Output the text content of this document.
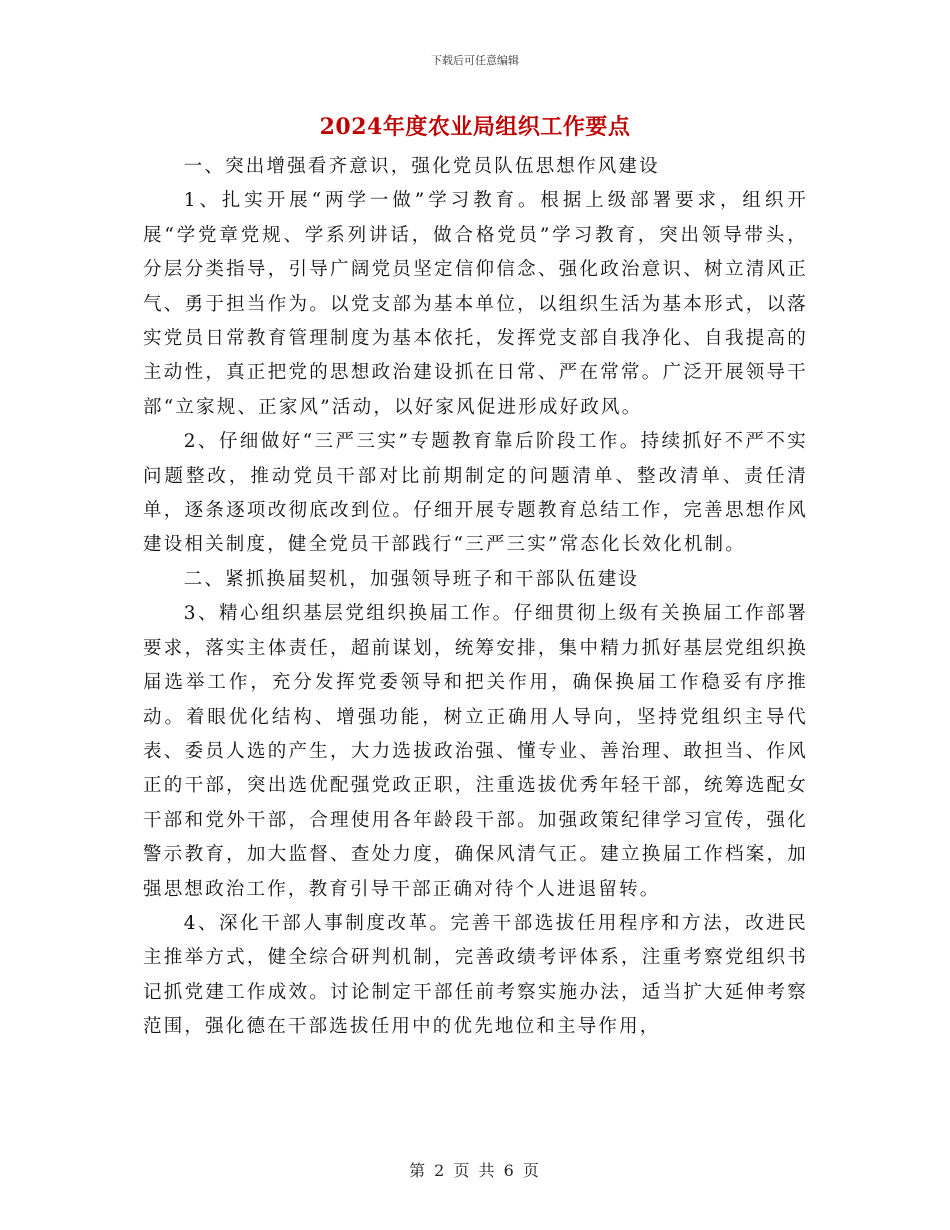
下载后可任意编辑
2024年度农业局组织工作要点

一、突出增强看齐意识，强化党员队伍思想作风建设

1、扎实开展“两学一做”学习教育。根据上级部署要求，组织开展“学党章党规、学系列讲话，做合格党员”学习教育，突出领导带头，分层分类指导，引导广阔党员坚定信仰信念、强化政治意识、树立清风正气、勇于担当作为。以党支部为基本单位，以组织生活为基本形式，以落实党员日常教育管理制度为基本依托，发挥党支部自我净化、自我提高的主动性，真正把党的思想政治建设抓在日常、严在常常。广泛开展领导干部“立家规、正家风”活动，以好家风促进形成好政风。

2、仔细做好“三严三实”专题教育靠后阶段工作。持续抓好不严不实问题整改，推动党员干部对比前期制定的问题清单、整改清单、责任清单，逐条逐项改彻底改到位。仔细开展专题教育总结工作，完善思想作风建设相关制度，健全党员干部践行“三严三实”常态化长效化机制。

二、紧抓换届契机，加强领导班子和干部队伍建设

3、精心组织基层党组织换届工作。仔细贯彻上级有关换届工作部署要求，落实主体责任，超前谋划，统筹安排，集中精力抓好基层党组织换届选举工作，充分发挥党委领导和把关作用，确保换届工作稳妥有序推动。着眼优化结构、增强功能，树立正确用人导向，坚持党组织主导代表、委员人选的产生，大力选拔政治强、懂专业、善治理、敢担当、作风正的干部，突出选优配强党政正职，注重选拔优秀年轻干部，统筹选配女干部和党外干部，合理使用各年龄段干部。加强政策纪律学习宣传，强化警示教育，加大监督、查处力度，确保风清气正。建立换届工作档案，加强思想政治工作，教育引导干部正确对待个人进退留转。

4、深化干部人事制度改革。完善干部选拔任用程序和方法，改进民主推举方式，健全综合研判机制，完善政绩考评体系，注重考察党组织书记抓党建工作成效。讨论制定干部任前考察实施办法，适当扩大延伸考察范围，强化德在干部选拔任用中的优先地位和主导作用，

第 2 页 共 6 页
